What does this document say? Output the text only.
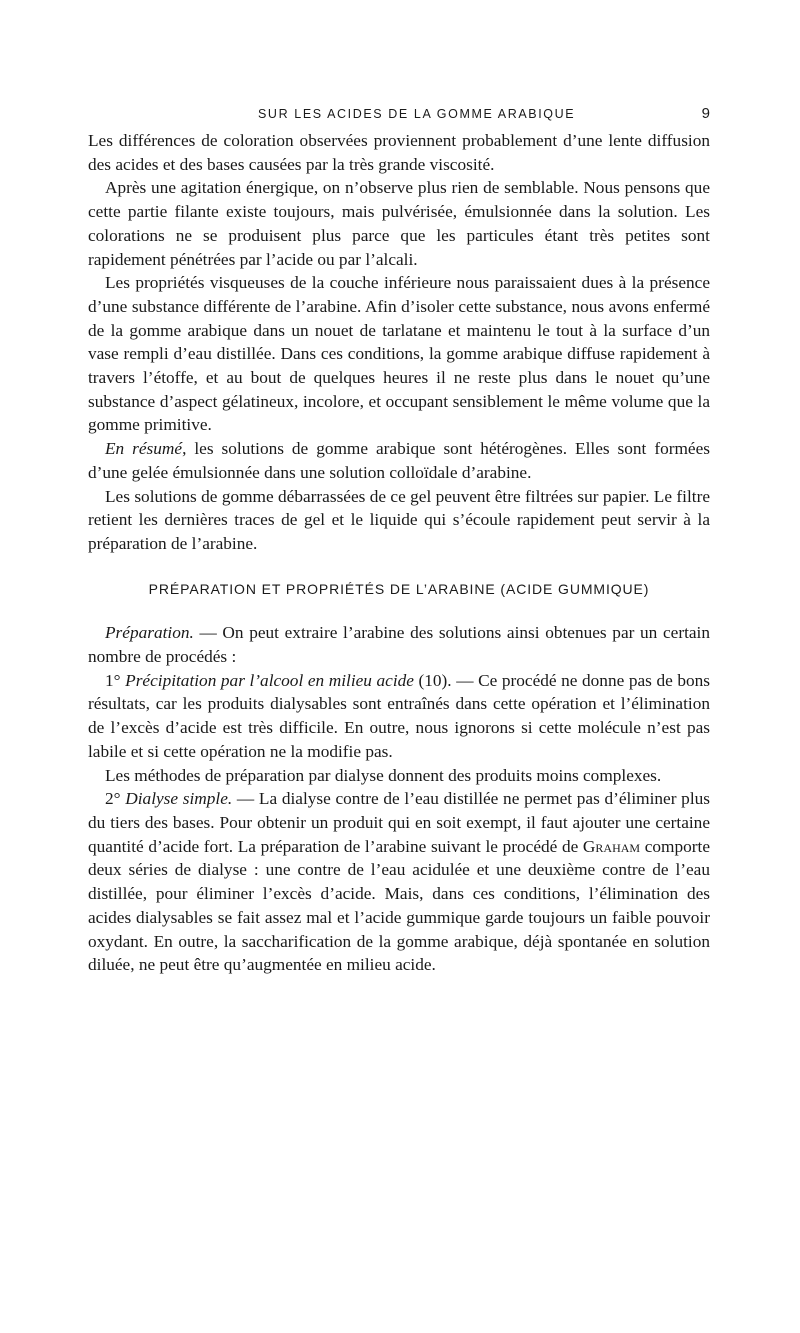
SUR LES ACIDES DE LA GOMME ARABIQUE	9

Les différences de coloration observées proviennent probablement d’une lente diffusion des acides et des bases causées par la très grande viscosité.

Après une agitation énergique, on n’observe plus rien de semblable. Nous pensons que cette partie filante existe toujours, mais pulvérisée, émulsionnée dans la solution. Les colorations ne se produisent plus parce que les particules étant très petites sont rapidement pénétrées par l’acide ou par l’alcali.

Les propriétés visqueuses de la couche inférieure nous paraissaient dues à la présence d’une substance différente de l’arabine. Afin d’isoler cette substance, nous avons enfermé de la gomme arabique dans un nouet de tarlatane et maintenu le tout à la surface d’un vase rempli d’eau distillée. Dans ces conditions, la gomme arabique diffuse rapidement à travers l’étoffe, et au bout de quelques heures il ne reste plus dans le nouet qu’une substance d’aspect gélatineux, incolore, et occupant sensiblement le même volume que la gomme primitive.

En résumé, les solutions de gomme arabique sont hétérogènes. Elles sont formées d’une gelée émulsionnée dans une solution colloïdale d’arabine.

Les solutions de gomme débarrassées de ce gel peuvent être filtrées sur papier. Le filtre retient les dernières traces de gel et le liquide qui s’écoule rapidement peut servir à la préparation de l’arabine.

PRÉPARATION ET PROPRIÉTÉS DE L’ARABINE (ACIDE GUMMIQUE)

Préparation. — On peut extraire l’arabine des solutions ainsi obtenues par un certain nombre de procédés :

1° Précipitation par l’alcool en milieu acide (10). — Ce procédé ne donne pas de bons résultats, car les produits dialysables sont entraînés dans cette opération et l’élimination de l’excès d’acide est très difficile. En outre, nous ignorons si cette molécule n’est pas labile et si cette opération ne la modifie pas.

Les méthodes de préparation par dialyse donnent des produits moins complexes.

2° Dialyse simple. — La dialyse contre de l’eau distillée ne permet pas d’éliminer plus du tiers des bases. Pour obtenir un produit qui en soit exempt, il faut ajouter une certaine quantité d’acide fort. La préparation de l’arabine suivant le procédé de Graham comporte deux séries de dialyse : une contre de l’eau acidulée et une deuxième contre de l’eau distillée, pour éliminer l’excès d’acide. Mais, dans ces conditions, l’élimination des acides dialysables se fait assez mal et l’acide gummique garde toujours un faible pouvoir oxydant. En outre, la saccharification de la gomme arabique, déjà spontanée en solution diluée, ne peut être qu’augmentée en milieu acide.
